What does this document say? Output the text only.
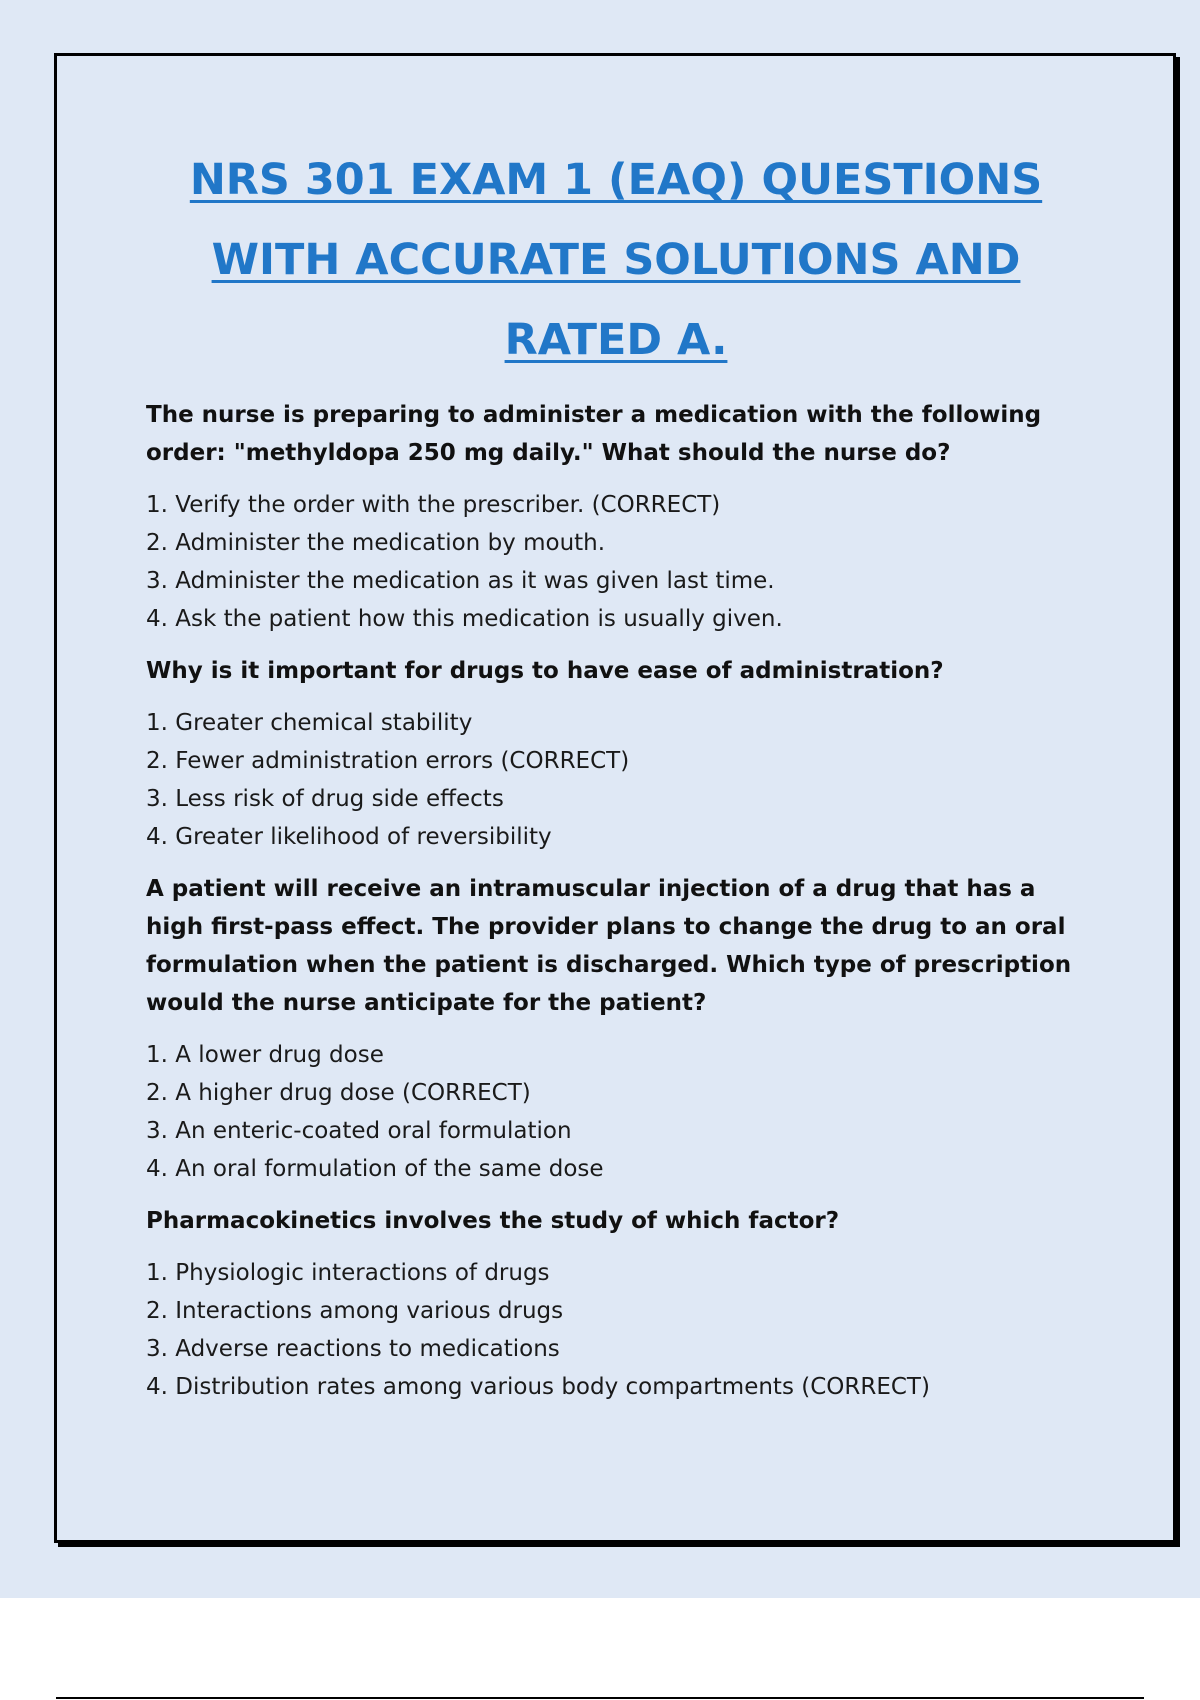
NRS 301 EXAM 1 (EAQ) QUESTIONS
WITH ACCURATE SOLUTIONS AND
RATED A.

The nurse is preparing to administer a medication with the following order: "methyldopa 250 mg daily." What should the nurse do?

1. Verify the order with the prescriber. (CORRECT)
2. Administer the medication by mouth.
3. Administer the medication as it was given last time.
4. Ask the patient how this medication is usually given.

Why is it important for drugs to have ease of administration?

1. Greater chemical stability
2. Fewer administration errors (CORRECT)
3. Less risk of drug side effects
4. Greater likelihood of reversibility

A patient will receive an intramuscular injection of a drug that has a high first-pass effect. The provider plans to change the drug to an oral formulation when the patient is discharged. Which type of prescription would the nurse anticipate for the patient?

1. A lower drug dose
2. A higher drug dose (CORRECT)
3. An enteric-coated oral formulation
4. An oral formulation of the same dose

Pharmacokinetics involves the study of which factor?

1. Physiologic interactions of drugs
2. Interactions among various drugs
3. Adverse reactions to medications
4. Distribution rates among various body compartments (CORRECT)
